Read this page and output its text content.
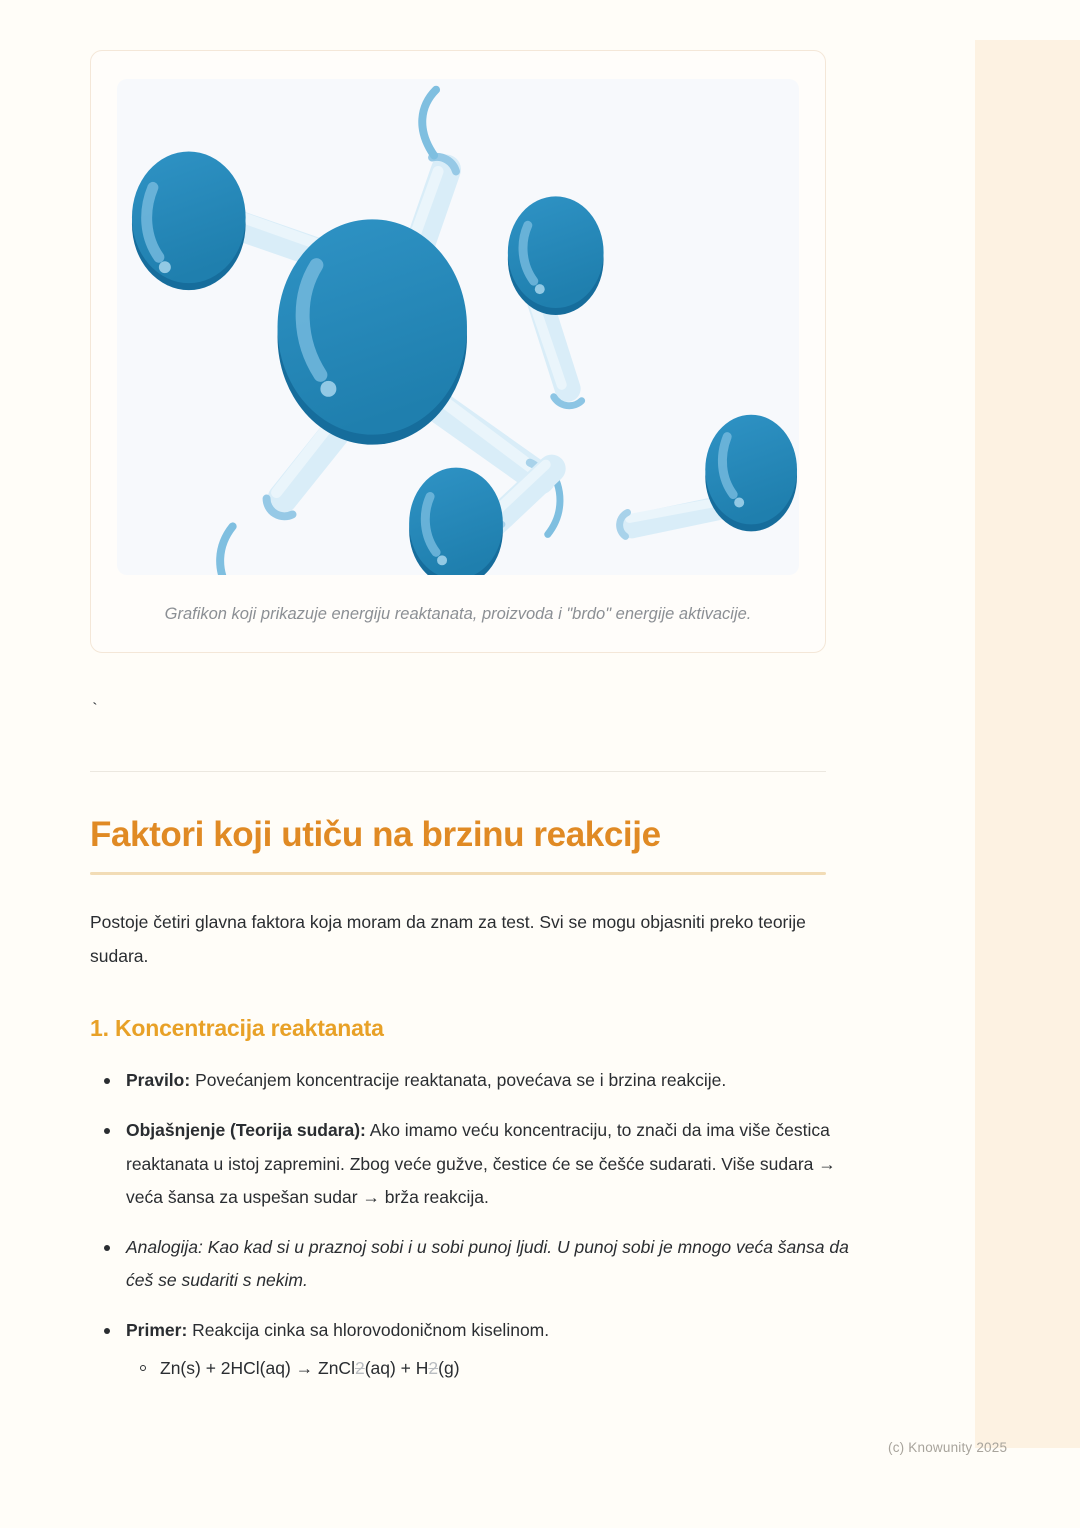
Grafikon koji prikazuje energiju reaktanata, proizvoda i "brdo" energije aktivacije.
`
Faktori koji utiču na brzinu reakcije
Postoje četiri glavna faktora koja moram da znam za test. Svi se mogu objasniti preko teorije sudara.
1. Koncentracija reaktanata
Pravilo: Povećanjem koncentracije reaktanata, povećava se i brzina reakcije.
Objašnjenje (Teorija sudara): Ako imamo veću koncentraciju, to znači da ima više čestica reaktanata u istoj zapremini. Zbog veće gužve, čestice će se češće sudarati. Više sudara → veća šansa za uspešan sudar → brža reakcija.
Analogija: Kao kad si u praznoj sobi i u sobi punoj ljudi. U punoj sobi je mnogo veća šansa da ćeš se sudariti s nekim.
Primer: Reakcija cinka sa hlorovodoničnom kiselinom.
Zn(s) + 2HCl(aq) → ZnCl2(aq) + H2(g)
(c) Knowunity 2025
